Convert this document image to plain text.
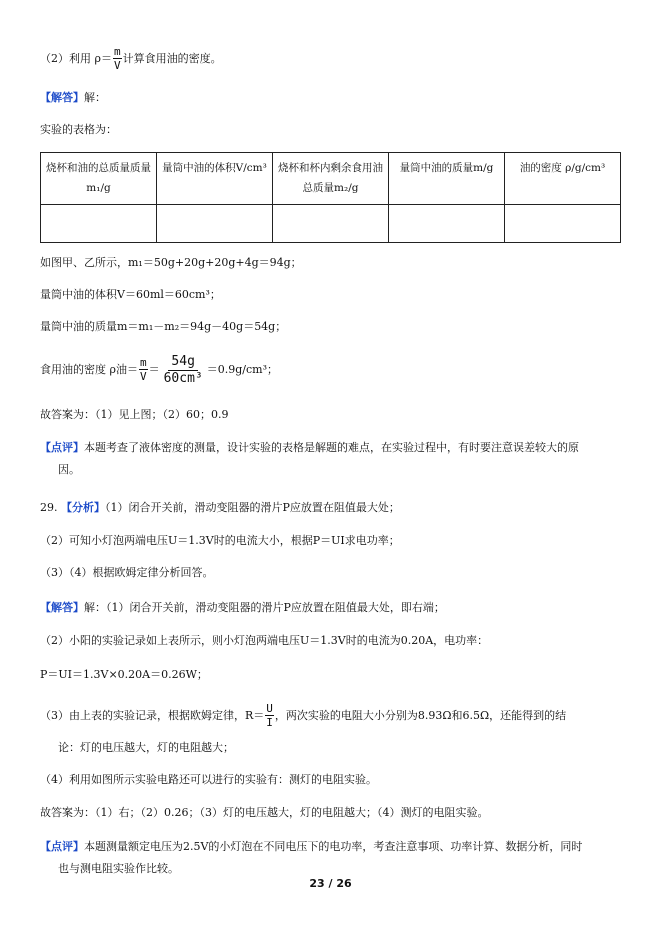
（2）利用 $\rho= \frac{m}{V}$ 计算食用油的密度。
【解答】解：
实验的表格为：
烧杯和油的总质量质量m₁/g	量筒中油的体积V/cm³	烧杯和杯内剩余食用油总质量m₂/g	量筒中油的质量m/g	油的密度 ρ/g/cm³

如图甲、乙所示，m₁＝50g+20g+20g+4g＝94g；
量筒中油的体积V＝60ml＝60cm³；
量筒中油的质量m＝m₁－m₂＝94g－40g＝54g；
食用油的密度 ρ油＝ $\frac{m}{V} = \frac{54g}{\text{60cm³}} =0.9g/cm^3$；
故答案为：（1）见上图；（2）60；0.9
【点评】本题考查了液体密度的测量，设计实验的表格是解题的难点，在实验过程中，有时要注意误差较大的原
因。
29. 【分析】（1）闭合开关前，滑动变阻器的滑片P应放置在阻值最大处；
（2）可知小灯泡两端电压U＝1.3V时的电流大小，根据P＝UI求电功率；
（3）（4）根据欧姆定律分析回答。
【解答】解：（1）闭合开关前，滑动变阻器的滑片P应放置在阻值最大处，即右端；
（2）小阳的实验记录如上表所示，则小灯泡两端电压U＝1.3V时的电流为0.20A，电功率：
P＝UI＝1.3V×0.20A＝0.26W；
（3）由上表的实验记录，根据欧姆定律，$R= \frac{U}{I}$ ，两次实验的电阻大小分别为8.93Ω和6.5Ω，还能得到的结
论：灯的电压越大，灯的电阻越大；
（4）利用如图所示实验电路还可以进行的实验有：测灯的电阻实验。
故答案为：（1）右；（2）0.26；（3）灯的电压越大，灯的电阻越大；（4）测灯的电阻实验。
【点评】本题测量额定电压为2.5V的小灯泡在不同电压下的电功率，考查注意事项、功率计算、数据分析，同时
也与测电阻实验作比较。
23 / 26
